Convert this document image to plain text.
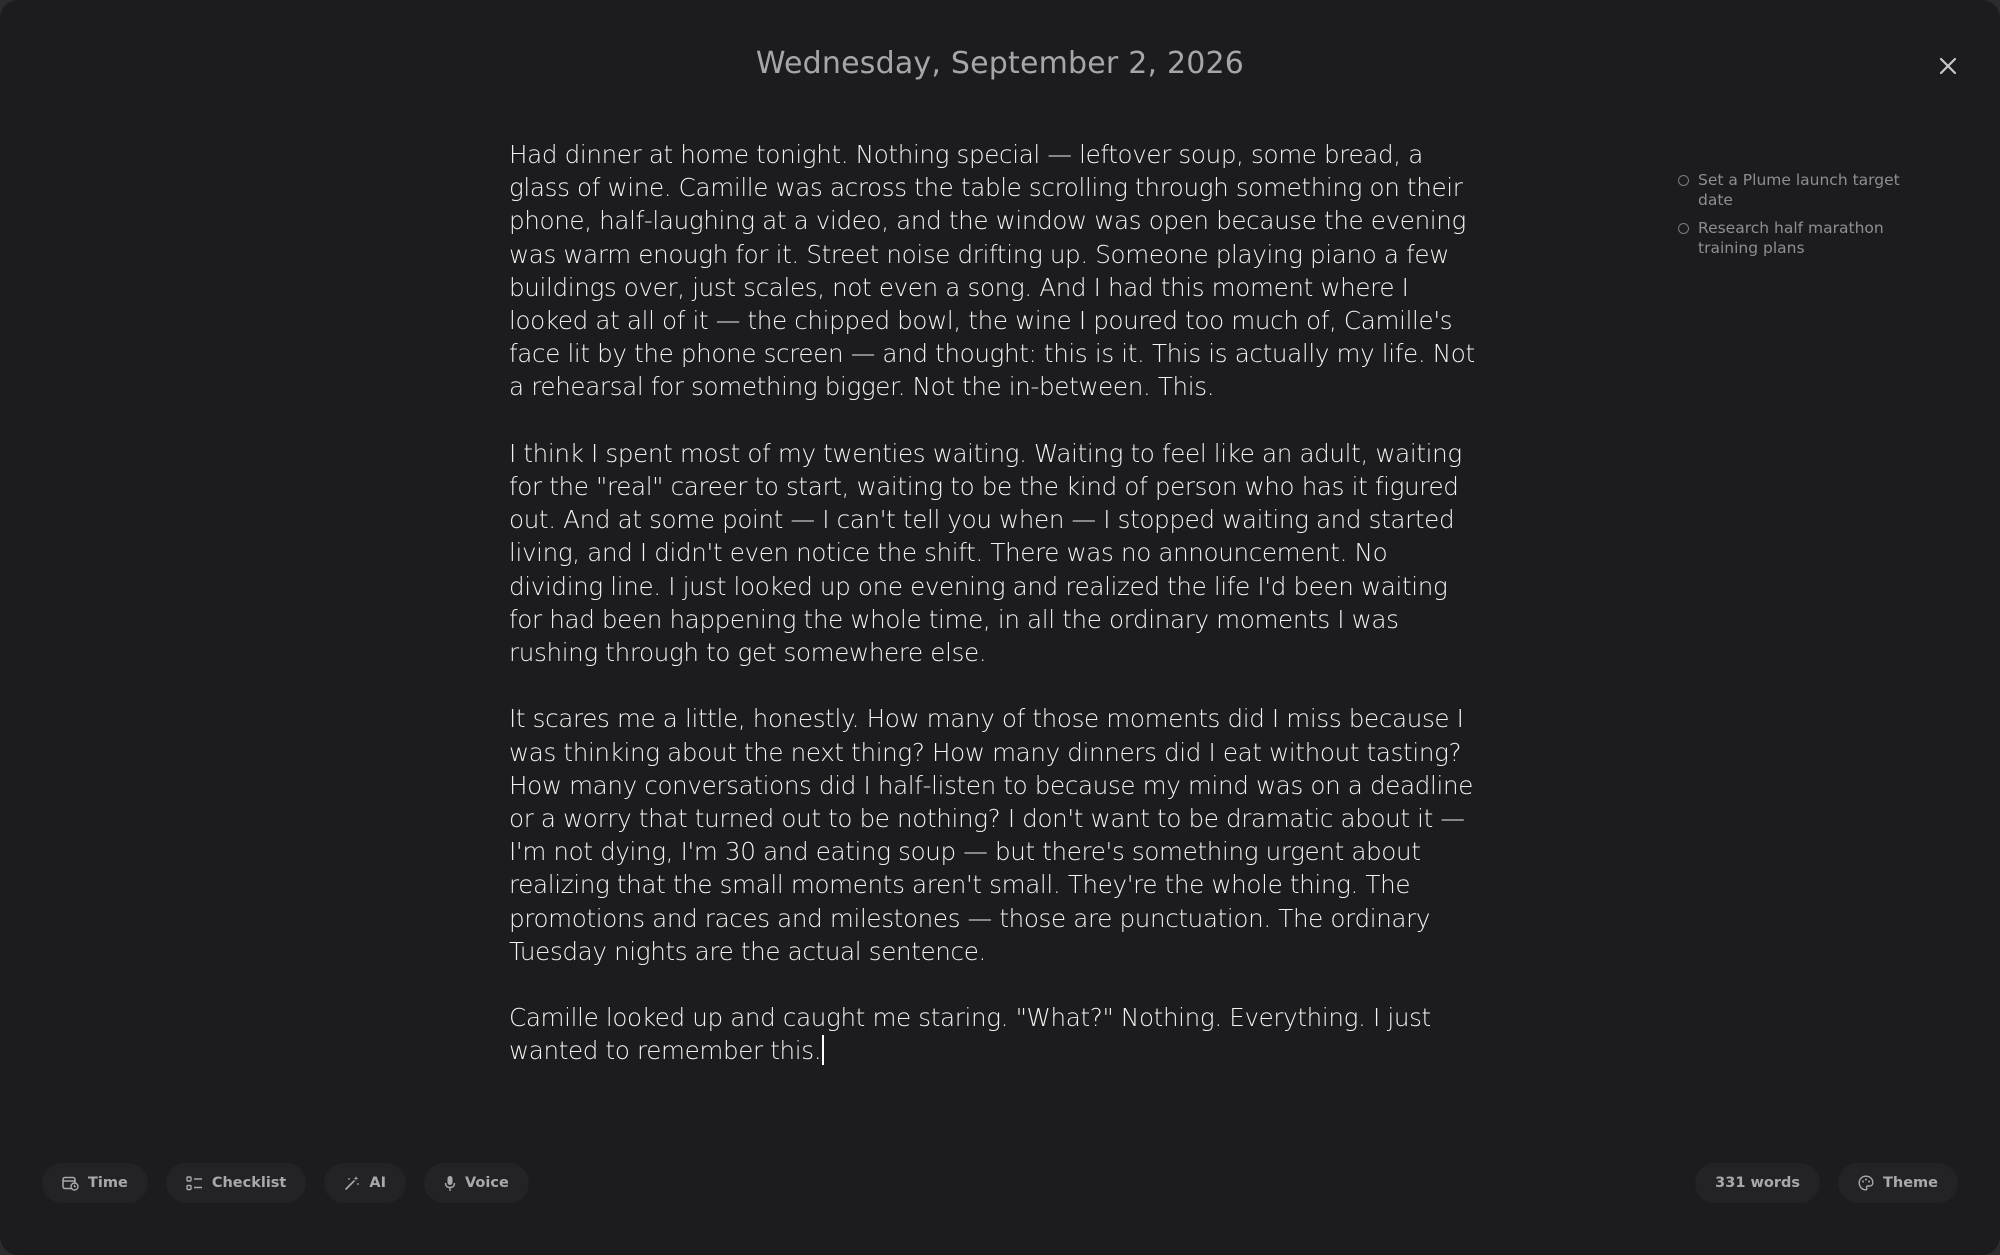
Wednesday, September 2, 2026

Had dinner at home tonight. Nothing special — leftover soup, some bread, a glass of wine. Camille was across the table scrolling through something on their phone, half-laughing at a video, and the window was open because the evening was warm enough for it. Street noise drifting up. Someone playing piano a few buildings over, just scales, not even a song. And I had this moment where I looked at all of it — the chipped bowl, the wine I poured too much of, Camille's face lit by the phone screen — and thought: this is it. This is actually my life. Not a rehearsal for something bigger. Not the in-between. This.

I think I spent most of my twenties waiting. Waiting to feel like an adult, waiting for the "real" career to start, waiting to be the kind of person who has it figured out. And at some point — I can't tell you when — I stopped waiting and started living, and I didn't even notice the shift. There was no announcement. No dividing line. I just looked up one evening and realized the life I'd been waiting for had been happening the whole time, in all the ordinary moments I was rushing through to get somewhere else.

It scares me a little, honestly. How many of those moments did I miss because I was thinking about the next thing? How many dinners did I eat without tasting? How many conversations did I half-listen to because my mind was on a deadline or a worry that turned out to be nothing? I don't want to be dramatic about it — I'm not dying, I'm 30 and eating soup — but there's something urgent about realizing that the small moments aren't small. They're the whole thing. The promotions and races and milestones — those are punctuation. The ordinary Tuesday nights are the actual sentence.

Camille looked up and caught me staring. "What?" Nothing. Everything. I just wanted to remember this.

Set a Plume launch target date
Research half marathon training plans
Time	Checklist	AI	Voice	331 words	Theme
